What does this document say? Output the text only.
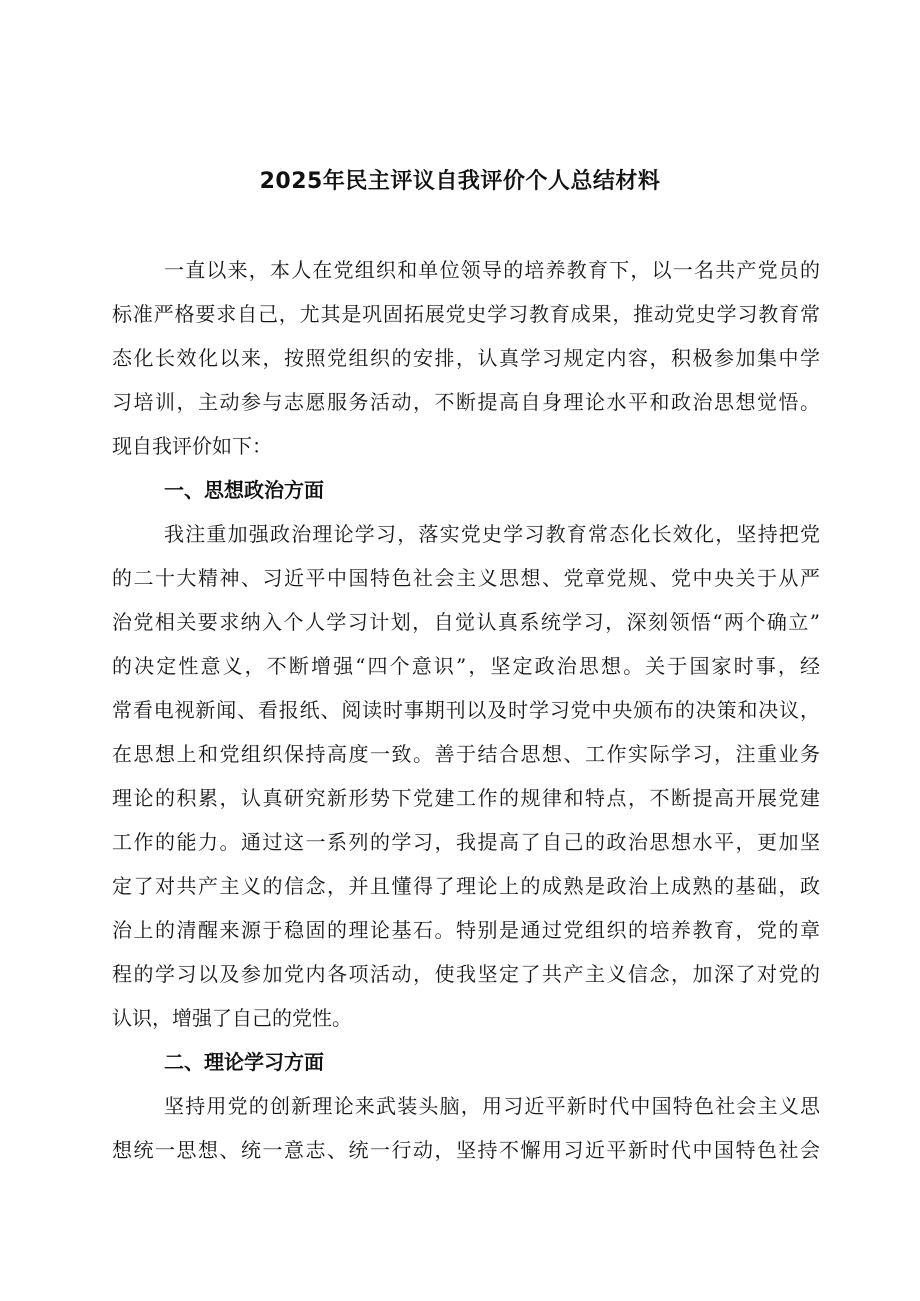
2025年民主评议自我评价个人总结材料
一直以来，本人在党组织和单位领导的培养教育下，以一名共产党员的
标准严格要求自己，尤其是巩固拓展党史学习教育成果，推动党史学习教育常
态化长效化以来，按照党组织的安排，认真学习规定内容，积极参加集中学
习培训，主动参与志愿服务活动，不断提高自身理论水平和政治思想觉悟。
现自我评价如下：
一、思想政治方面
我注重加强政治理论学习，落实党史学习教育常态化长效化，坚持把党
的二十大精神、习近平中国特色社会主义思想、党章党规、党中央关于从严
治党相关要求纳入个人学习计划，自觉认真系统学习，深刻领悟“两个确立”
的决定性意义，不断增强“四个意识”，坚定政治思想。关于国家时事，经
常看电视新闻、看报纸、阅读时事期刊以及时学习党中央颁布的决策和决议，
在思想上和党组织保持高度一致。善于结合思想、工作实际学习，注重业务
理论的积累，认真研究新形势下党建工作的规律和特点，不断提高开展党建
工作的能力。通过这一系列的学习，我提高了自己的政治思想水平，更加坚
定了对共产主义的信念，并且懂得了理论上的成熟是政治上成熟的基础，政
治上的清醒来源于稳固的理论基石。特别是通过党组织的培养教育，党的章
程的学习以及参加党内各项活动，使我坚定了共产主义信念，加深了对党的
认识，增强了自己的党性。
二、理论学习方面
坚持用党的创新理论来武装头脑，用习近平新时代中国特色社会主义思
想统一思想、统一意志、统一行动，坚持不懈用习近平新时代中国特色社会
